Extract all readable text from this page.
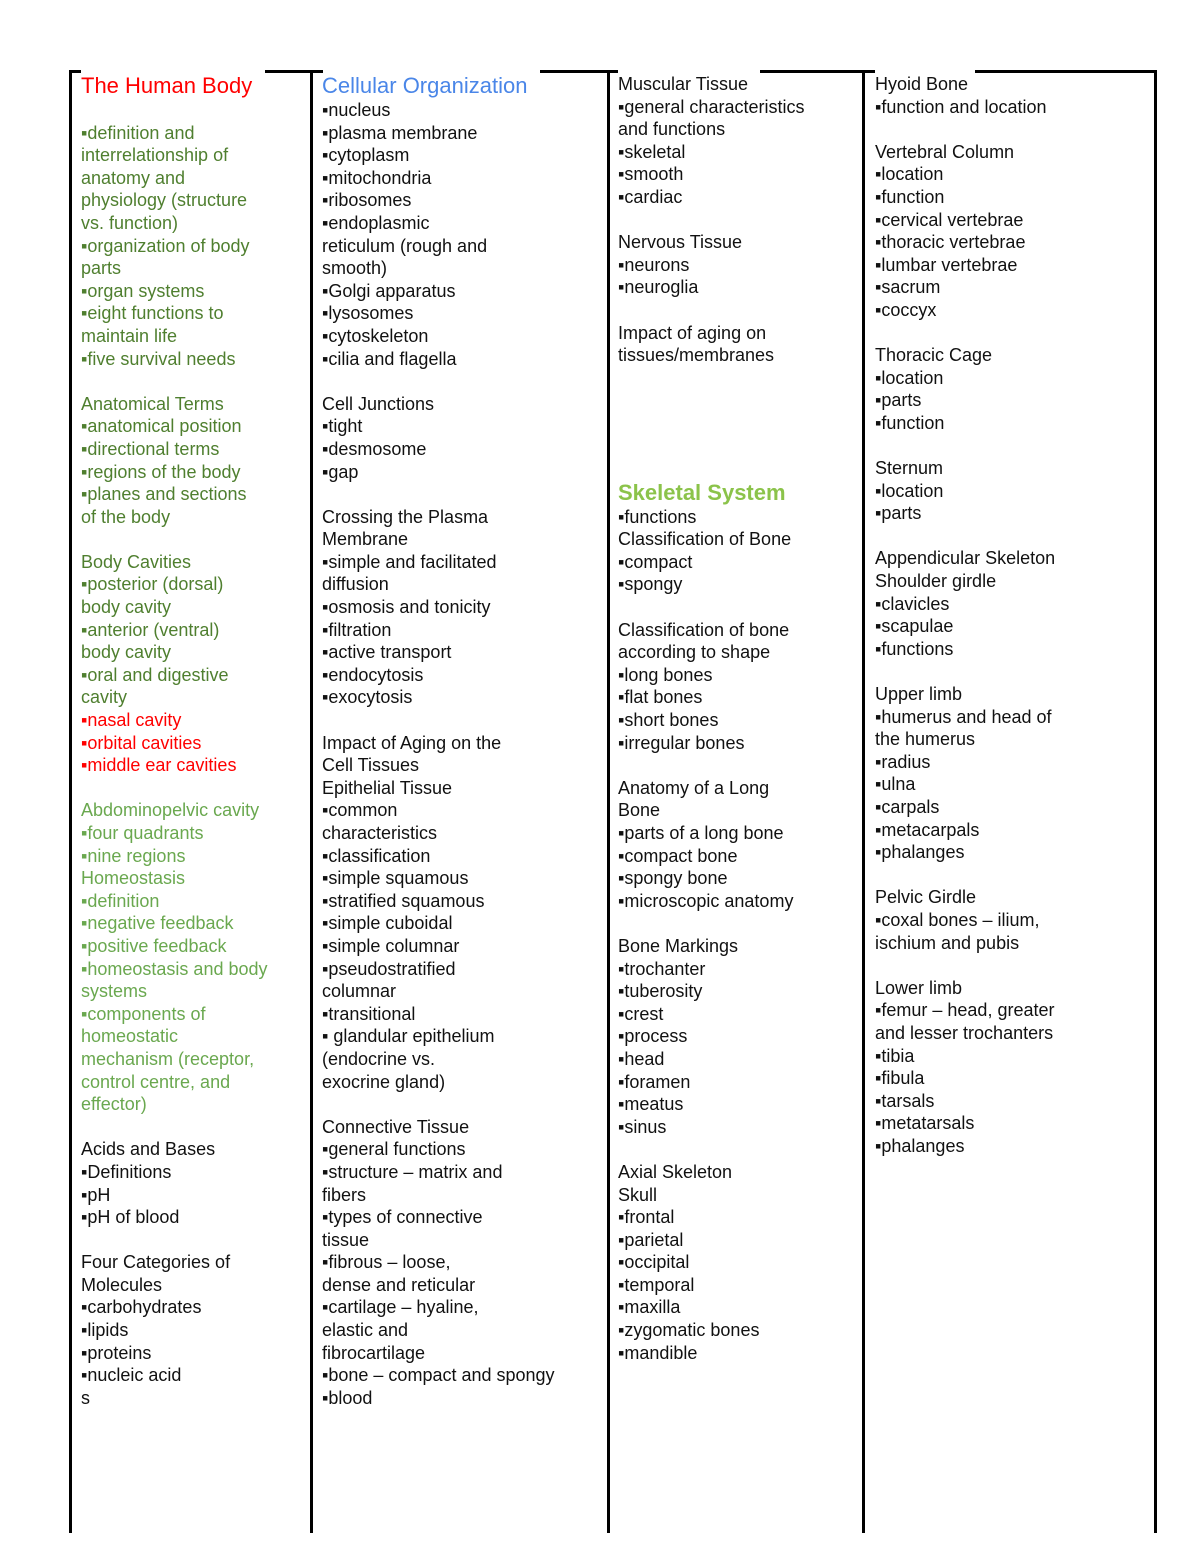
The Human Body
▪definition and
interrelationship of
anatomy and
physiology (structure
vs. function)
▪organization of body
parts
▪organ systems
▪eight functions to
maintain life
▪five survival needs
Anatomical Terms
▪anatomical position
▪directional terms
▪regions of the body
▪planes and sections
of the body
Body Cavities
▪posterior (dorsal)
body cavity
▪anterior (ventral)
body cavity
▪oral and digestive
cavity
▪nasal cavity
▪orbital cavities
▪middle ear cavities
Abdominopelvic cavity
▪four quadrants
▪nine regions
Homeostasis
▪definition
▪negative feedback
▪positive feedback
▪homeostasis and body
systems
▪components of
homeostatic
mechanism (receptor,
control centre, and
effector)
Acids and Bases
▪Definitions
▪pH
▪pH of blood
Four Categories of
Molecules
▪carbohydrates
▪lipids
▪proteins
▪nucleic acid
s
Cellular Organization
▪nucleus
▪plasma membrane
▪cytoplasm
▪mitochondria
▪ribosomes
▪endoplasmic
reticulum (rough and
smooth)
▪Golgi apparatus
▪lysosomes
▪cytoskeleton
▪cilia and flagella
Cell Junctions
▪tight
▪desmosome
▪gap
Crossing the Plasma
Membrane
▪simple and facilitated
diffusion
▪osmosis and tonicity
▪filtration
▪active transport
▪endocytosis
▪exocytosis
Impact of Aging on the
Cell Tissues
Epithelial Tissue
▪common
characteristics
▪classification
▪simple squamous
▪stratified squamous
▪simple cuboidal
▪simple columnar
▪pseudostratified
columnar
▪transitional
▪ glandular epithelium
(endocrine vs.
exocrine gland)
Connective Tissue
▪general functions
▪structure – matrix and
fibers
▪types of connective
tissue
▪fibrous – loose,
dense and reticular
▪cartilage – hyaline,
elastic and
fibrocartilage
▪bone – compact and spongy
▪blood
Muscular Tissue
▪general characteristics
and functions
▪skeletal
▪smooth
▪cardiac
Nervous Tissue
▪neurons
▪neuroglia
Impact of aging on
tissues/membranes
Skeletal System
▪functions
Classification of Bone
▪compact
▪spongy
Classification of bone
according to shape
▪long bones
▪flat bones
▪short bones
▪irregular bones
Anatomy of a Long
Bone
▪parts of a long bone
▪compact bone
▪spongy bone
▪microscopic anatomy
Bone Markings
▪trochanter
▪tuberosity
▪crest
▪process
▪head
▪foramen
▪meatus
▪sinus
Axial Skeleton
Skull
▪frontal
▪parietal
▪occipital
▪temporal
▪maxilla
▪zygomatic bones
▪mandible
Hyoid Bone
▪function and location
Vertebral Column
▪location
▪function
▪cervical vertebrae
▪thoracic vertebrae
▪lumbar vertebrae
▪sacrum
▪coccyx
Thoracic Cage
▪location
▪parts
▪function
Sternum
▪location
▪parts
Appendicular Skeleton
Shoulder girdle
▪clavicles
▪scapulae
▪functions
Upper limb
▪humerus and head of
the humerus
▪radius
▪ulna
▪carpals
▪metacarpals
▪phalanges
Pelvic Girdle
▪coxal bones – ilium,
ischium and pubis
Lower limb
▪femur – head, greater
and lesser trochanters
▪tibia
▪fibula
▪tarsals
▪metatarsals
▪phalanges
